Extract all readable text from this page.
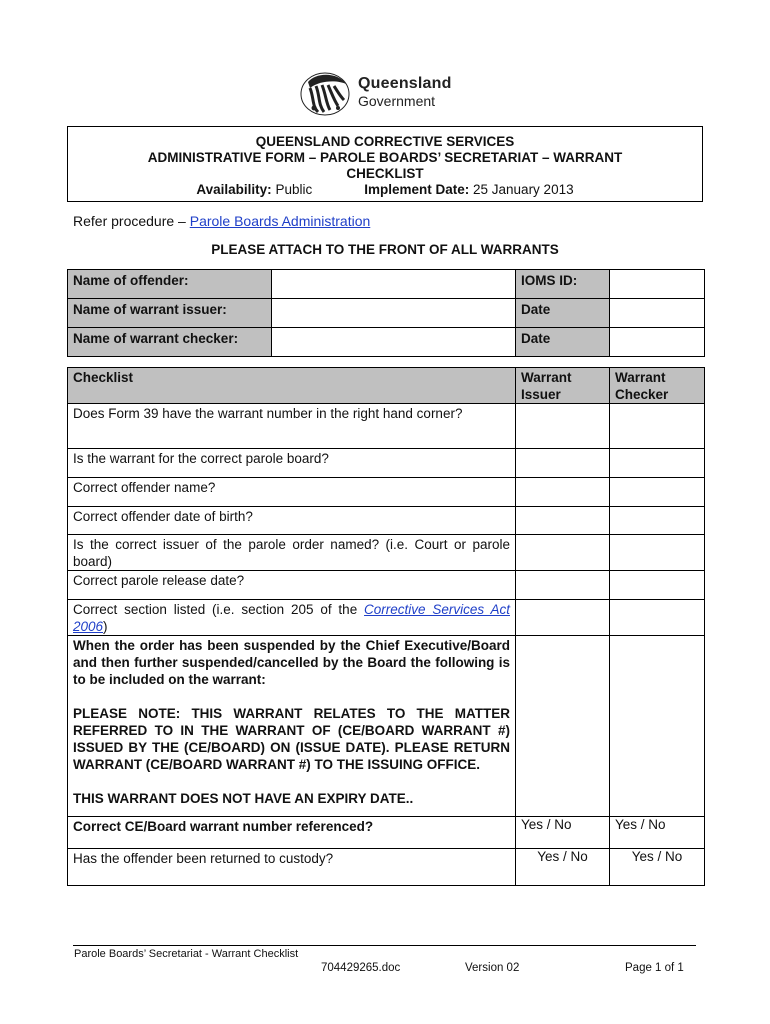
Queensland
Government
QUEENSLAND CORRECTIVE SERVICES
ADMINISTRATIVE FORM – PAROLE BOARDS’ SECRETARIAT – WARRANT
CHECKLIST
Availability: Public	Implement Date: 25 January 2013
Refer procedure – Parole Boards Administration
PLEASE ATTACH TO THE FRONT OF ALL WARRANTS
Name of offender:		IOMS ID:	
Name of warrant issuer:		Date	
Name of warrant checker:		Date	
Checklist	Warrant Issuer	Warrant Checker
Does Form 39 have the warrant number in the right hand corner?		
Is the warrant for the correct parole board?		
Correct offender name?		
Correct offender date of birth?		
Is the correct issuer of the parole order named? (i.e. Court or parole board)		
Correct parole release date?		
Correct section listed (i.e. section 205 of the Corrective Services Act 2006)		

When the order has been suspended by the Chief Executive/Board and then further suspended/cancelled by the Board the following is to be included on the warrant:
PLEASE NOTE: THIS WARRANT RELATES TO THE MATTER REFERRED TO IN THE WARRANT OF (CE/BOARD WARRANT #) ISSUED BY THE (CE/BOARD) ON (ISSUE DATE). PLEASE RETURN WARRANT (CE/BOARD WARRANT #) TO THE ISSUING OFFICE.
THIS WARRANT DOES NOT HAVE AN EXPIRY DATE..		

Correct CE/Board warrant number referenced?	Yes / No	Yes / No
Has the offender been returned to custody?	Yes / No	Yes / No
Parole Boards’ Secretariat - Warrant Checklist
704429265.doc	Version 02	Page 1 of 1
